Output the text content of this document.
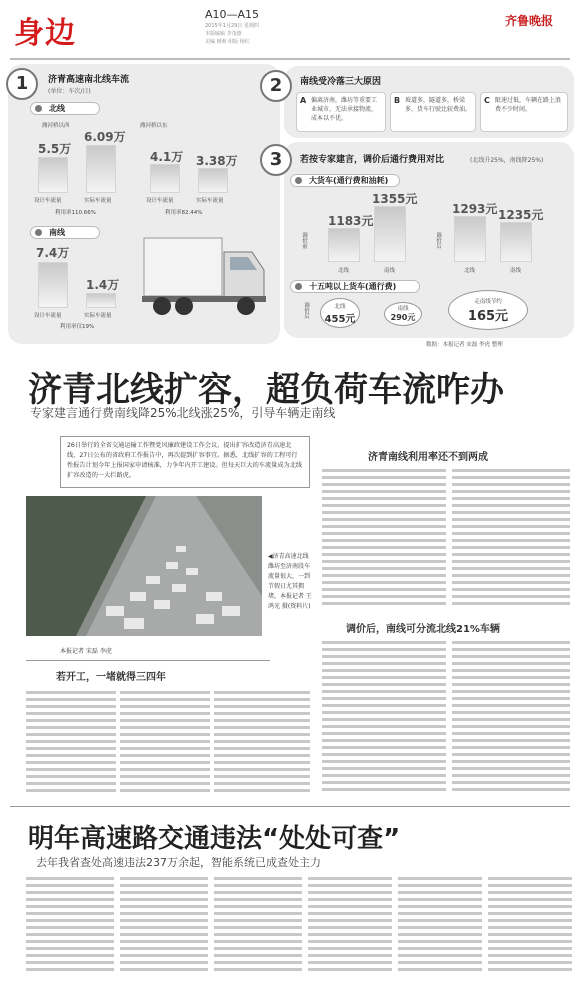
身边
A10—A15
2015年1月29日 星期四
本版编辑 李茂德
美编 姚莉 组版 杨红
齐鲁晚报
1	济青高速南北线车流
(单位：车次/日)
北线
潍河桥以西	潍河桥以东
5.5万
6.09万
设计车流量	实际车流量
利用率110.66%
4.1万 3.38万
设计车流量	实际车流量
利用率82.44%
南线
7.4万
1.4万
设计车流量	实际车流量
利用率仅19%
2	南线受冷落三大原因
A 偏离济南，潍坊等重要工业城市，无法承接物流，成本以不优。
B 坡道多，隧道多，桥梁多，货车行驶比较费油。
C 限速过低，车辆在路上浪费不少时间。
3	若按专家建言，调价后通行费用对比	(北线升25%，南线降25%)
大货车(通行费和油耗)
调价前
1183元
1355元
北线	南线
调价后
1293元 1235元
北线	南线
十五吨以上货车(通行费)
调价后	北线
455元
南线
290元
走南线节约
165元
数据：本报记者 宋磊 李虎 整理
济青北线扩容，超负荷车流咋办
专家建言通行费南线降25%北线涨25%，引导车辆走南线
26日举行的全省交通运输工作暨党风廉政建设工作会议，提出扩容改造济青高速北线，27日公布的省政府工作报告中，再次提到扩容事宜。据悉，北线扩容的工程可行性报告计划今年上报国家申请核准，力争年内开工建设。但每天巨大的车流量成为北线扩容改造的一大拦路虎。
◀济青高速北线潍坊至济南段车流量很大，一到节假日尤其拥堵。本报记者 王鸿光 摄(资料片)
本报记者 宋磊 李虎
济青南线利用率还不到两成
调价后，南线可分流北线21%车辆
若开工，一堵就得三四年
明年高速路交通违法“处处可查”
去年我省查处高速违法237万余起，智能系统已成查处主力
